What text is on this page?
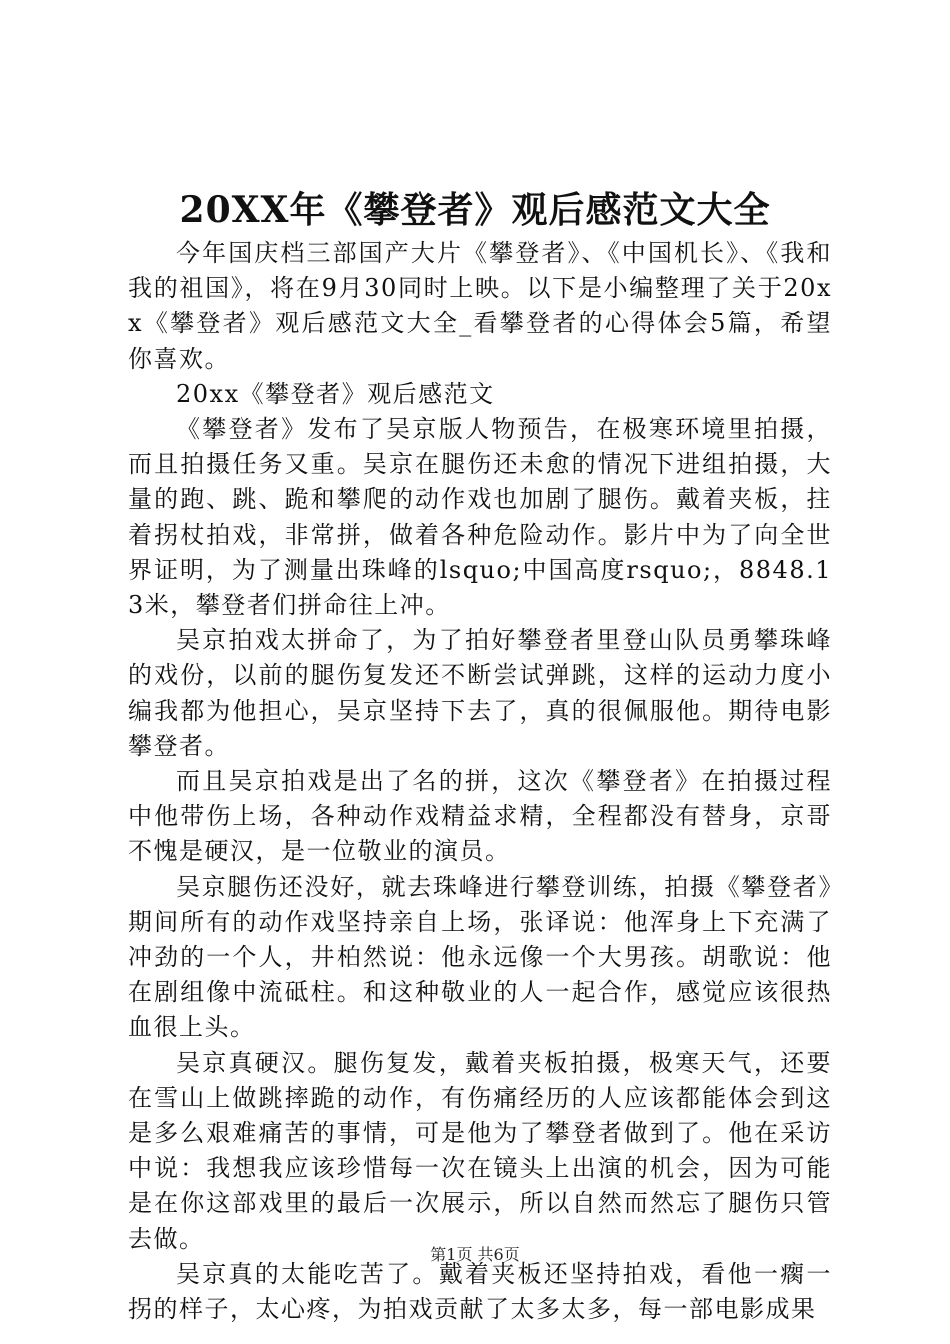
20XX年《攀登者》观后感范文大全

今年国庆档三部国产大片《攀登者》、《中国机长》、《我和我的祖国》，将在9月30同时上映。以下是小编整理了关于20xx《攀登者》观后感范文大全_看攀登者的心得体会5篇，希望你喜欢。

20xx《攀登者》观后感范文

《攀登者》发布了吴京版人物预告，在极寒环境里拍摄，而且拍摄任务又重。吴京在腿伤还未愈的情况下进组拍摄，大量的跑、跳、跪和攀爬的动作戏也加剧了腿伤。戴着夹板，拄着拐杖拍戏，非常拼，做着各种危险动作。影片中为了向全世界证明，为了测量出珠峰的lsquo;中国高度rsquo;，8848.13米，攀登者们拼命往上冲。

吴京拍戏太拼命了，为了拍好攀登者里登山队员勇攀珠峰的戏份，以前的腿伤复发还不断尝试弹跳，这样的运动力度小编我都为他担心，吴京坚持下去了，真的很佩服他。期待电影攀登者。

而且吴京拍戏是出了名的拼，这次《攀登者》在拍摄过程中他带伤上场，各种动作戏精益求精，全程都没有替身，京哥不愧是硬汉，是一位敬业的演员。

吴京腿伤还没好，就去珠峰进行攀登训练，拍摄《攀登者》期间所有的动作戏坚持亲自上场，张译说：他浑身上下充满了冲劲的一个人，井柏然说：他永远像一个大男孩。胡歌说：他在剧组像中流砥柱。和这种敬业的人一起合作，感觉应该很热血很上头。

吴京真硬汉。腿伤复发，戴着夹板拍摄，极寒天气，还要在雪山上做跳摔跪的动作，有伤痛经历的人应该都能体会到这是多么艰难痛苦的事情，可是他为了攀登者做到了。他在采访中说：我想我应该珍惜每一次在镜头上出演的机会，因为可能是在你这部戏里的最后一次展示，所以自然而然忘了腿伤只管去做。

吴京真的太能吃苦了。戴着夹板还坚持拍戏，看他一瘸一拐的样子，太心疼，为拍戏贡献了太多太多，每一部电影成果

第1页 共6页
